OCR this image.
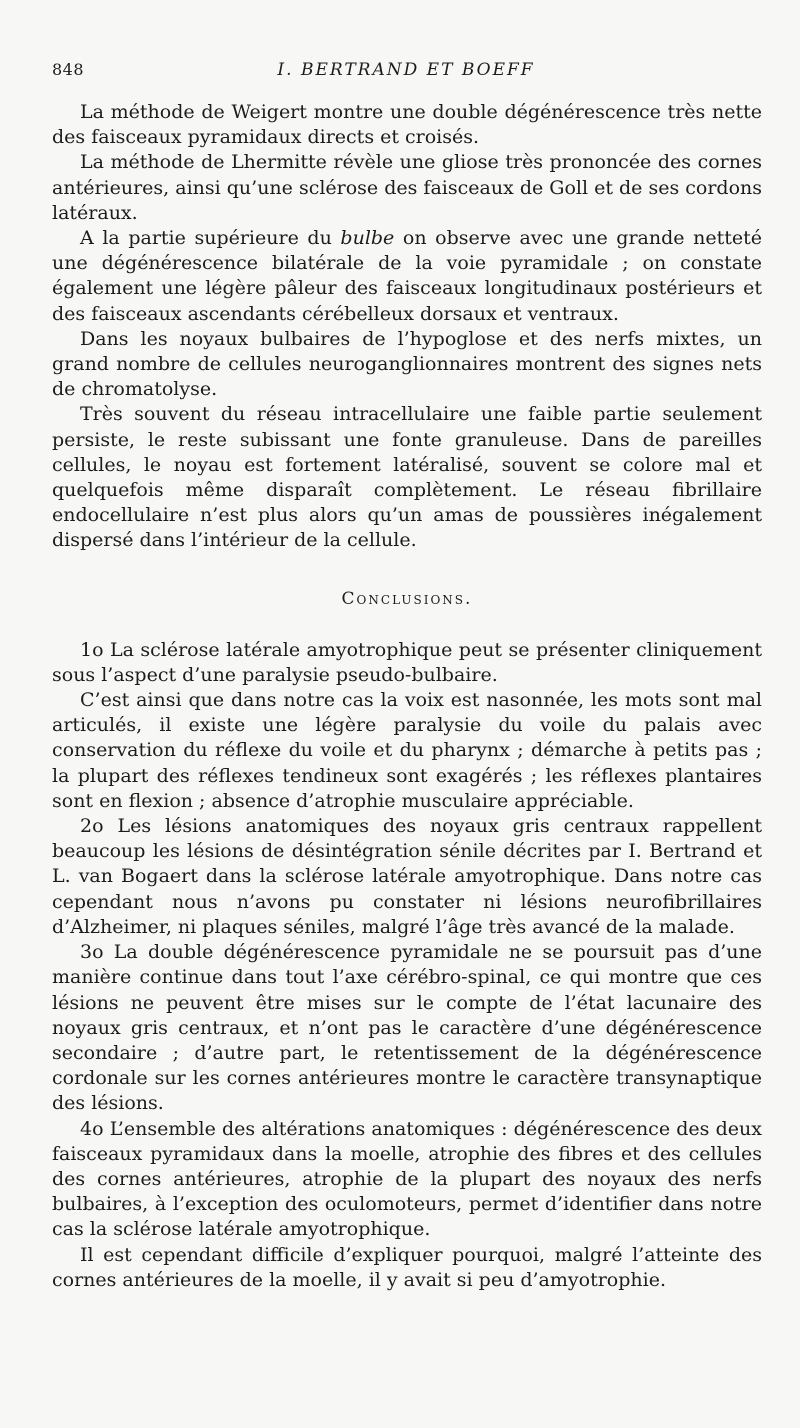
848	I. BERTRAND ET BOEFF

La méthode de Weigert montre une double dégénérescence très nette des faisceaux pyramidaux directs et croisés.

La méthode de Lhermitte révèle une gliose très prononcée des cornes antérieures, ainsi qu’une sclérose des faisceaux de Goll et de ses cordons latéraux.

A la partie supérieure du bulbe on observe avec une grande netteté une dégénérescence bilatérale de la voie pyramidale ; on constate également une légère pâleur des faisceaux longitudinaux postérieurs et des faisceaux ascendants cérébelleux dorsaux et ventraux.

Dans les noyaux bulbaires de l’hypoglose et des nerfs mixtes, un grand nombre de cellules neuroganglionnaires montrent des signes nets de chromatolyse.

Très souvent du réseau intracellulaire une faible partie seulement persiste, le reste subissant une fonte granuleuse. Dans de pareilles cellules, le noyau est fortement latéralisé, souvent se colore mal et quelquefois même disparaît complètement. Le réseau fibrillaire endocellulaire n’est plus alors qu’un amas de poussières inégalement dispersé dans l’intérieur de la cellule.

Conclusions.

1o La sclérose latérale amyotrophique peut se présenter cliniquement sous l’aspect d’une paralysie pseudo-bulbaire.

C’est ainsi que dans notre cas la voix est nasonnée, les mots sont mal articulés, il existe une légère paralysie du voile du palais avec conservation du réflexe du voile et du pharynx ; démarche à petits pas ; la plupart des réflexes tendineux sont exagérés ; les réflexes plantaires sont en flexion ; absence d’atrophie musculaire appréciable.

2o Les lésions anatomiques des noyaux gris centraux rappellent beaucoup les lésions de désintégration sénile décrites par I. Bertrand et L. van Bogaert dans la sclérose latérale amyotrophique. Dans notre cas cependant nous n’avons pu constater ni lésions neurofibrillaires d’Alzheimer, ni plaques séniles, malgré l’âge très avancé de la malade.

3o La double dégénérescence pyramidale ne se poursuit pas d’une manière continue dans tout l’axe cérébro-spinal, ce qui montre que ces lésions ne peuvent être mises sur le compte de l’état lacunaire des noyaux gris centraux, et n’ont pas le caractère d’une dégénérescence secondaire ; d’autre part, le retentissement de la dégénérescence cordonale sur les cornes antérieures montre le caractère transynaptique des lésions.

4o L’ensemble des altérations anatomiques : dégénérescence des deux faisceaux pyramidaux dans la moelle, atrophie des fibres et des cellules des cornes antérieures, atrophie de la plupart des noyaux des nerfs bulbaires, à l’exception des oculomoteurs, permet d’identifier dans notre cas la sclérose latérale amyotrophique.

Il est cependant difficile d’expliquer pourquoi, malgré l’atteinte des cornes antérieures de la moelle, il y avait si peu d’amyotrophie.
